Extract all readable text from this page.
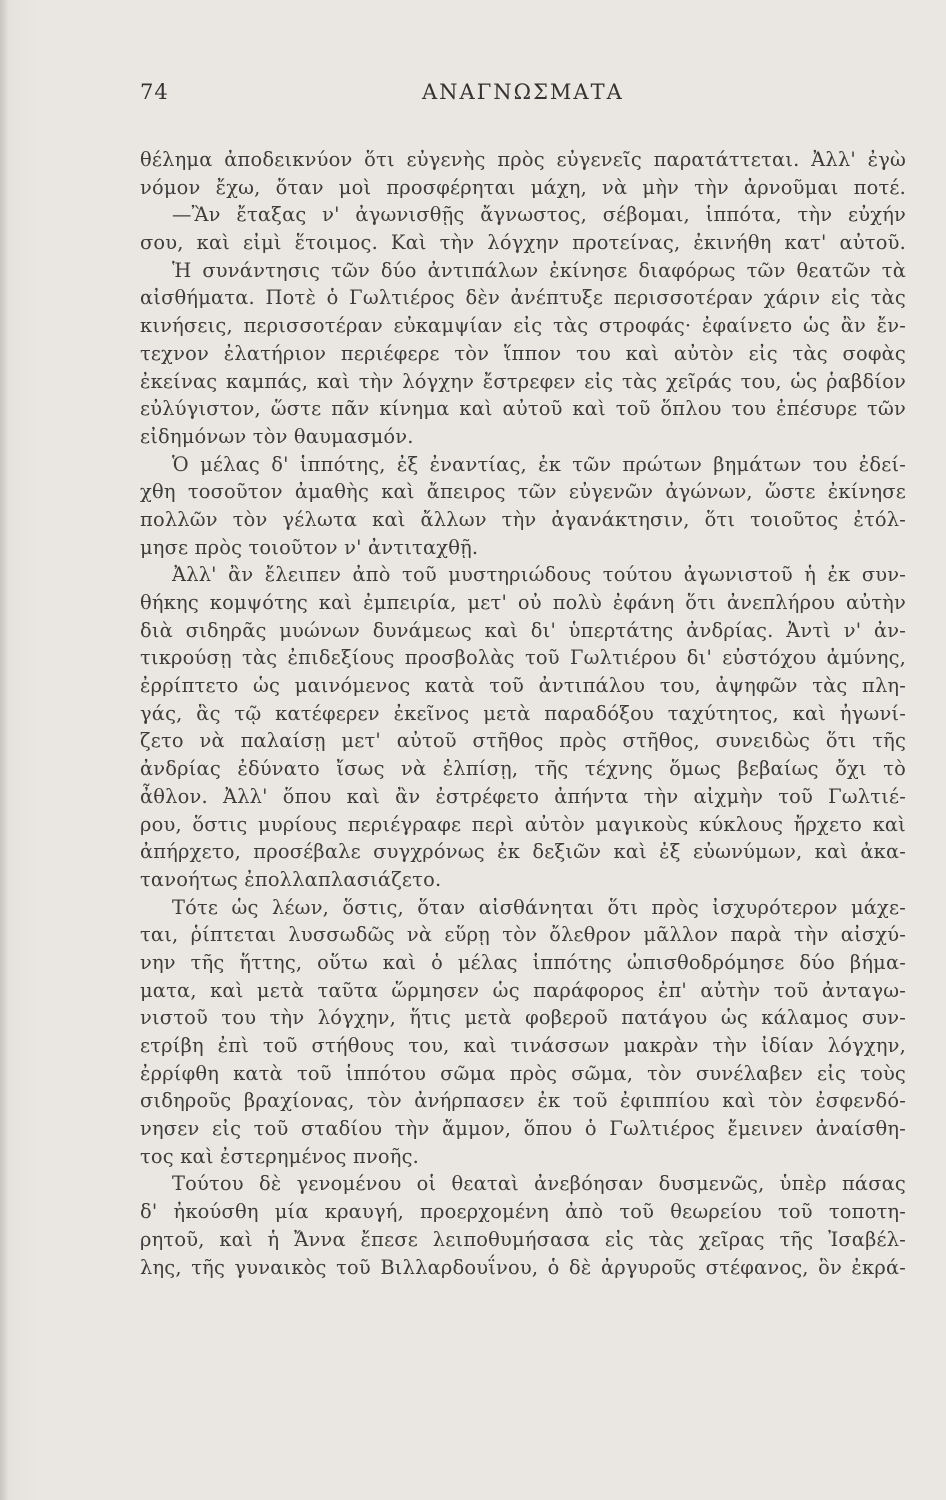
74	ΑΝΑΓΝΩΣΜΑΤΑ
θέλημα ἀποδεικνύον ὅτι εὐγενὴς πρὸς εὐγενεῖς παρατάττεται. Ἀλλ' ἐγὼ
νόμον ἔχω, ὅταν μοὶ προσφέρηται μάχη, νὰ μὴν τὴν ἀρνοῦμαι ποτέ.
—Ἂν ἔταξας ν' ἀγωνισθῇς ἄγνωστος, σέβομαι, ἱππότα, τὴν εὐχήν
σου, καὶ εἰμὶ ἕτοιμος. Καὶ τὴν λόγχην προτείνας, ἐκινήθη κατ' αὐτοῦ.
Ἡ συνάντησις τῶν δύο ἀντιπάλων ἐκίνησε διαφόρως τῶν θεατῶν τὰ
αἰσθήματα. Ποτὲ ὁ Γωλτιέρος δὲν ἀνέπτυξε περισσοτέραν χάριν εἰς τὰς
κινήσεις, περισσοτέραν εὐκαμψίαν εἰς τὰς στροφάς· ἐφαίνετο ὡς ἂν ἔν-
τεχνον ἐλατήριον περιέφερε τὸν ἵππον του καὶ αὐτὸν εἰς τὰς σοφὰς
ἐκείνας καμπάς, καὶ τὴν λόγχην ἔστρεφεν εἰς τὰς χεῖράς του, ὡς ῥαβδίον
εὐλύγιστον, ὥστε πᾶν κίνημα καὶ αὐτοῦ καὶ τοῦ ὅπλου του ἐπέσυρε τῶν
εἰδημόνων τὸν θαυμασμόν.
Ὁ μέλας δ' ἱππότης, ἐξ ἐναντίας, ἐκ τῶν πρώτων βημάτων του ἐδεί-
χθη τοσοῦτον ἀμαθὴς καὶ ἄπειρος τῶν εὐγενῶν ἀγώνων, ὥστε ἐκίνησε
πολλῶν τὸν γέλωτα καὶ ἄλλων τὴν ἀγανάκτησιν, ὅτι τοιοῦτος ἐτόλ-
μησε πρὸς τοιοῦτον ν' ἀντιταχθῇ.
Ἀλλ' ἂν ἔλειπεν ἀπὸ τοῦ μυστηριώδους τούτου ἀγωνιστοῦ ἡ ἐκ συν-
θήκης κομψότης καὶ ἐμπειρία, μετ' οὐ πολὺ ἐφάνη ὅτι ἀνεπλήρου αὐτὴν
διὰ σιδηρᾶς μυώνων δυνάμεως καὶ δι' ὑπερτάτης ἀνδρίας. Ἀντὶ ν' ἀν-
τικρούσῃ τὰς ἐπιδεξίους προσβολὰς τοῦ Γωλτιέρου δι' εὐστόχου ἀμύνης,
ἐρρίπτετο ὡς μαινόμενος κατὰ τοῦ ἀντιπάλου του, ἀψηφῶν τὰς πλη-
γάς, ἃς τῷ κατέφερεν ἐκεῖνος μετὰ παραδόξου ταχύτητος, καὶ ἠγωνί-
ζετο νὰ παλαίσῃ μετ' αὐτοῦ στῆθος πρὸς στῆθος, συνειδὼς ὅτι τῆς
ἀνδρίας ἐδύνατο ἴσως νὰ ἐλπίσῃ, τῆς τέχνης ὅμως βεβαίως ὄχι τὸ
ἆθλον. Ἀλλ' ὅπου καὶ ἂν ἐστρέφετο ἀπήντα τὴν αἰχμὴν τοῦ Γωλτιέ-
ρου, ὅστις μυρίους περιέγραφε περὶ αὐτὸν μαγικοὺς κύκλους ἤρχετο καὶ
ἀπήρχετο, προσέβαλε συγχρόνως ἐκ δεξιῶν καὶ ἐξ εὐωνύμων, καὶ ἀκα-
τανοήτως ἐπολλαπλασιάζετο.
Τότε ὡς λέων, ὅστις, ὅταν αἰσθάνηται ὅτι πρὸς ἰσχυρότερον μάχε-
ται, ῥίπτεται λυσσωδῶς νὰ εὕρῃ τὸν ὄλεθρον μᾶλλον παρὰ τὴν αἰσχύ-
νην τῆς ἥττης, οὕτω καὶ ὁ μέλας ἱππότης ὠπισθοδρόμησε δύο βήμα-
ματα, καὶ μετὰ ταῦτα ὥρμησεν ὡς παράφορος ἐπ' αὐτὴν τοῦ ἀνταγω-
νιστοῦ του τὴν λόγχην, ἥτις μετὰ φοβεροῦ πατάγου ὡς κάλαμος συν-
ετρίβη ἐπὶ τοῦ στήθους του, καὶ τινάσσων μακρὰν τὴν ἰδίαν λόγχην,
ἐρρίφθη κατὰ τοῦ ἱππότου σῶμα πρὸς σῶμα, τὸν συνέλαβεν εἰς τοὺς
σιδηροῦς βραχίονας, τὸν ἀνήρπασεν ἐκ τοῦ ἐφιππίου καὶ τὸν ἐσφενδό-
νησεν εἰς τοῦ σταδίου τὴν ἄμμον, ὅπου ὁ Γωλτιέρος ἔμεινεν ἀναίσθη-
τος καὶ ἐστερημένος πνοῆς.
Τούτου δὲ γενομένου οἱ θεαταὶ ἀνεβόησαν δυσμενῶς, ὑπὲρ πάσας
δ' ἠκούσθη μία κραυγή, προερχομένη ἀπὸ τοῦ θεωρείου τοῦ τοποτη-
ρητοῦ, καὶ ἡ Ἄννα ἔπεσε λειποθυμήσασα εἰς τὰς χεῖρας τῆς Ἰσαβέλ-
λης, τῆς γυναικὸς τοῦ Βιλλαρδουΐνου, ὁ δὲ ἀργυροῦς στέφανος, ὃν ἐκρά-
